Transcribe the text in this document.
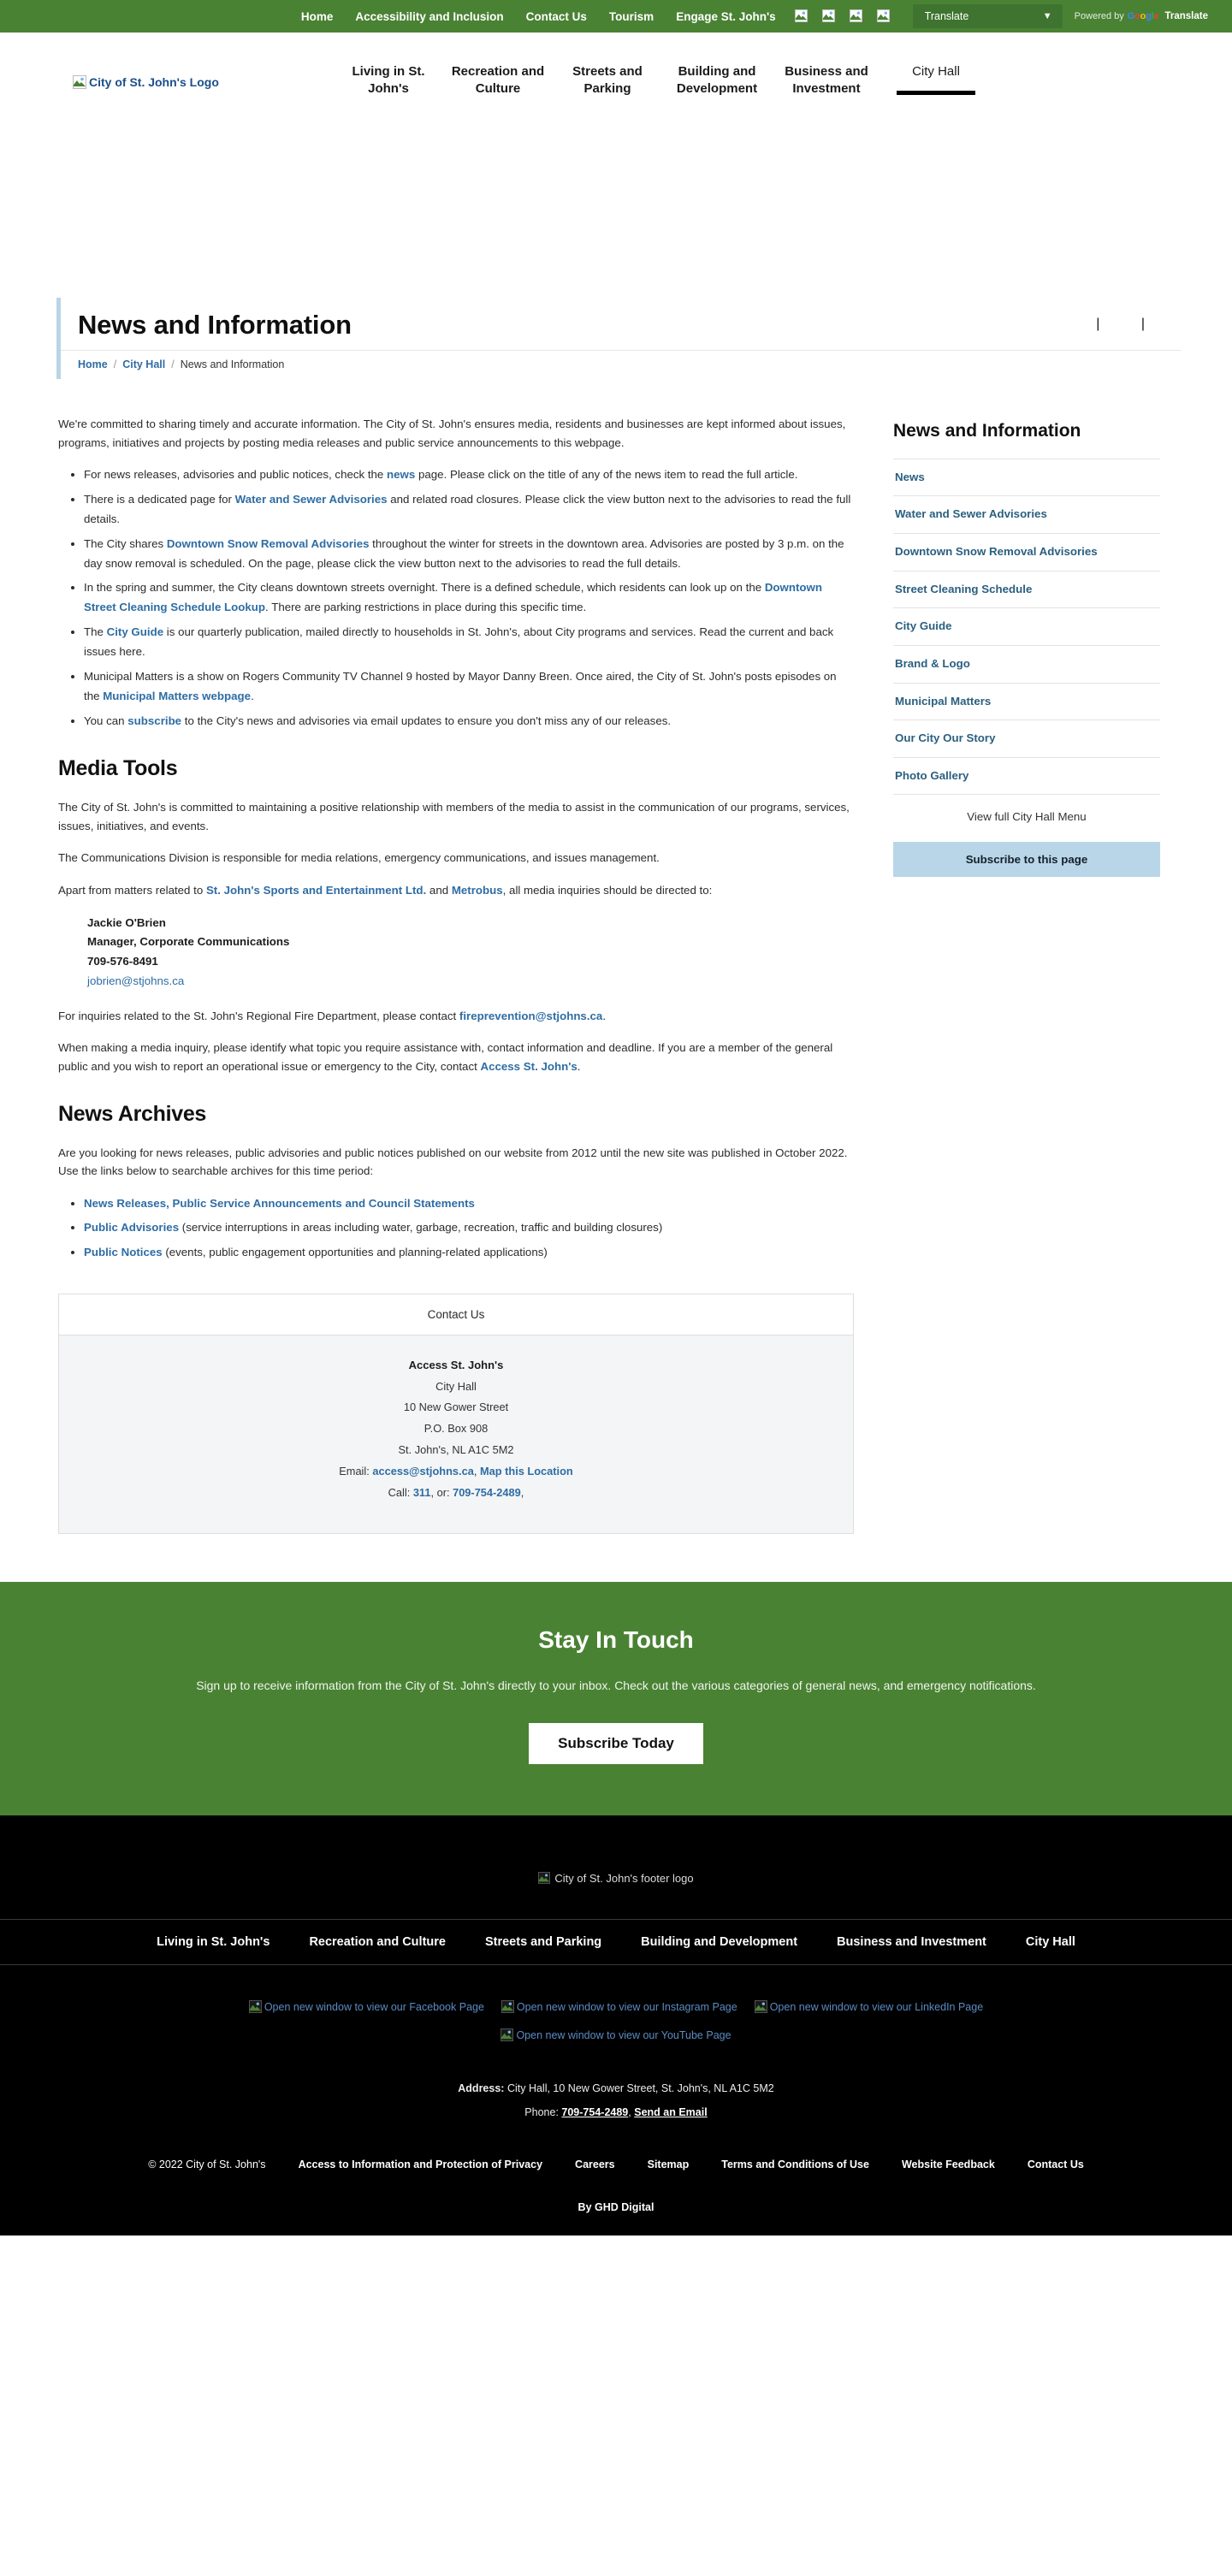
Home Accessibility and Inclusion Contact Us Tourism Engage St. John's
Translate	▼ Powered by Google Translate
City of St. John's Logo
Living in St. John's
Recreation and Culture
Streets and Parking
Building and Development
Business and Investment
City Hall
News and Information	| |
Home / City Hall / News and Information

We're committed to sharing timely and accurate information. The City of St. John's ensures media, residents and businesses are kept informed about issues, programs, initiatives and projects by posting media releases and public service announcements to this webpage.

• For news releases, advisories and public notices, check the news page. Please click on the title of any of the news item to read the full article.
• There is a dedicated page for Water and Sewer Advisories and related road closures. Please click the view button next to the advisories to read the full details.
• The City shares Downtown Snow Removal Advisories throughout the winter for streets in the downtown area. Advisories are posted by 3 p.m. on the day snow removal is scheduled. On the page, please click the view button next to the advisories to read the full details.
• In the spring and summer, the City cleans downtown streets overnight. There is a defined schedule, which residents can look up on the Downtown Street Cleaning Schedule Lookup. There are parking restrictions in place during this specific time.
• The City Guide is our quarterly publication, mailed directly to households in St. John's, about City programs and services. Read the current and back issues here.
• Municipal Matters is a show on Rogers Community TV Channel 9 hosted by Mayor Danny Breen. Once aired, the City of St. John's posts episodes on the Municipal Matters webpage.
• You can subscribe to the City's news and advisories via email updates to ensure you don't miss any of our releases.
Media Tools

The City of St. John's is committed to maintaining a positive relationship with members of the media to assist in the communication of our programs, services, issues, initiatives, and events.

The Communications Division is responsible for media relations, emergency communications, and issues management.

Apart from matters related to St. John's Sports and Entertainment Ltd. and Metrobus, all media inquiries should be directed to:

Jackie O'Brien
Manager, Corporate Communications
709-576-8491
jobrien@stjohns.ca

For inquiries related to the St. John's Regional Fire Department, please contact fireprevention@stjohns.ca.

When making a media inquiry, please identify what topic you require assistance with, contact information and deadline. If you are a member of the general public and you wish to report an operational issue or emergency to the City, contact Access St. John's.

News Archives

Are you looking for news releases, public advisories and public notices published on our website from 2012 until the new site was published in October 2022. Use the links below to searchable archives for this time period:

• News Releases, Public Service Announcements and Council Statements
• Public Advisories (service interruptions in areas including water, garbage, recreation, traffic and building closures)
• Public Notices (events, public engagement opportunities and planning-related applications)
Contact Us
Access St. John's
City Hall
10 New Gower Street
P.O. Box 908
St. John's, NL A1C 5M2
Email: access@stjohns.ca, Map this Location
Call: 311, or: 709-754-2489,
News and Information
News
Water and Sewer Advisories
Downtown Snow Removal Advisories
Street Cleaning Schedule
City Guide
Brand & Logo
Municipal Matters
Our City Our Story
Photo Gallery
View full City Hall Menu
Subscribe to this page
Stay In Touch

Sign up to receive information from the City of St. John's directly to your inbox. Check out the various categories of general news, and emergency notifications.

Subscribe Today
City of St. John's footer logo
Living in St. John's	Recreation and Culture	Streets and Parking	Building and Development	Business and Investment	City Hall
Open new window to view our Facebook Page	Open new window to view our Instagram Page	Open new window to view our LinkedIn Page
Open new window to view our YouTube Page
Address: City Hall, 10 New Gower Street, St. John's, NL A1C 5M2
Phone: 709-754-2489, Send an Email
© 2022 City of St. John's	Access to Information and Protection of Privacy	Careers	Sitemap	Terms and Conditions of Use	Website Feedback	Contact Us
By GHD Digital
